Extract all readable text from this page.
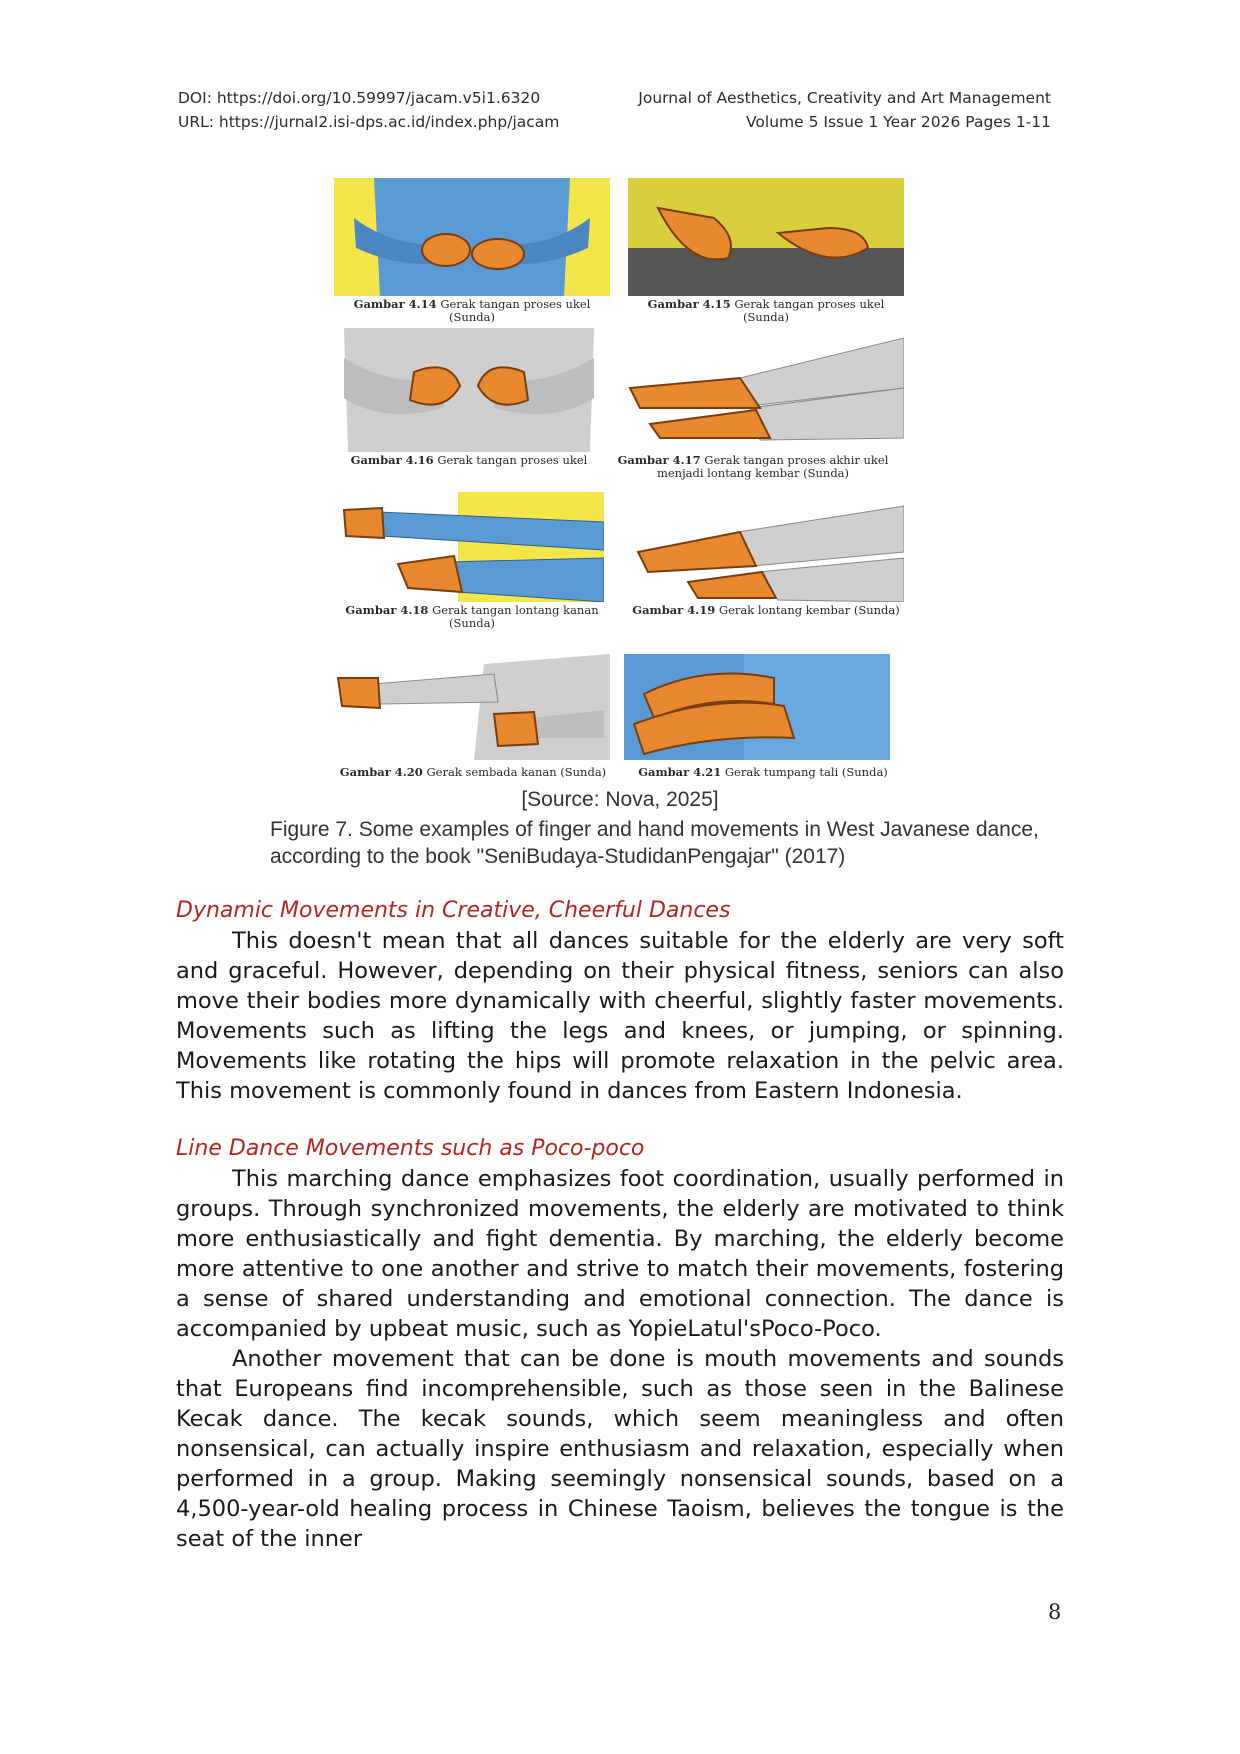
DOI: https://doi.org/10.59997/jacam.v5i1.6320	Journal of Aesthetics, Creativity and Art Management
URL: https://jurnal2.isi-dps.ac.id/index.php/jacam	Volume 5 Issue 1 Year 2026 Pages 1-11
Gambar 4.14 Gerak tangan proses ukel (Sunda)
Gambar 4.15 Gerak tangan proses ukel (Sunda)
Gambar 4.16 Gerak tangan proses ukel	Gambar 4.17 Gerak tangan proses akhir ukel menjadi lontang kembar (Sunda)
Gambar 4.18 Gerak tangan lontang kanan (Sunda)
Gambar 4.19 Gerak lontang kembar (Sunda)
Gambar 4.20 Gerak sembada kanan (Sunda)	Gambar 4.21 Gerak tumpang tali (Sunda)
[Source: Nova, 2025]
Figure 7. Some examples of finger and hand movements in West Javanese dance, according to the book "SeniBudaya-StudidanPengajar" (2017)
Dynamic Movements in Creative, Cheerful Dances

This doesn't mean that all dances suitable for the elderly are very soft and graceful. However, depending on their physical fitness, seniors can also move their bodies more dynamically with cheerful, slightly faster movements. Movements such as lifting the legs and knees, or jumping, or spinning. Movements like rotating the hips will promote relaxation in the pelvic area. This movement is commonly found in dances from Eastern Indonesia.

Line Dance Movements such as Poco-poco

This marching dance emphasizes foot coordination, usually performed in groups. Through synchronized movements, the elderly are motivated to think more enthusiastically and fight dementia. By marching, the elderly become more attentive to one another and strive to match their movements, fostering a sense of shared understanding and emotional connection. The dance is accompanied by upbeat music, such as YopieLatul'sPoco-Poco.

Another movement that can be done is mouth movements and sounds that Europeans find incomprehensible, such as those seen in the Balinese Kecak dance. The kecak sounds, which seem meaningless and often nonsensical, can actually inspire enthusiasm and relaxation, especially when performed in a group. Making seemingly nonsensical sounds, based on a 4,500-year-old healing process in Chinese Taoism, believes the tongue is the seat of the inner

8
